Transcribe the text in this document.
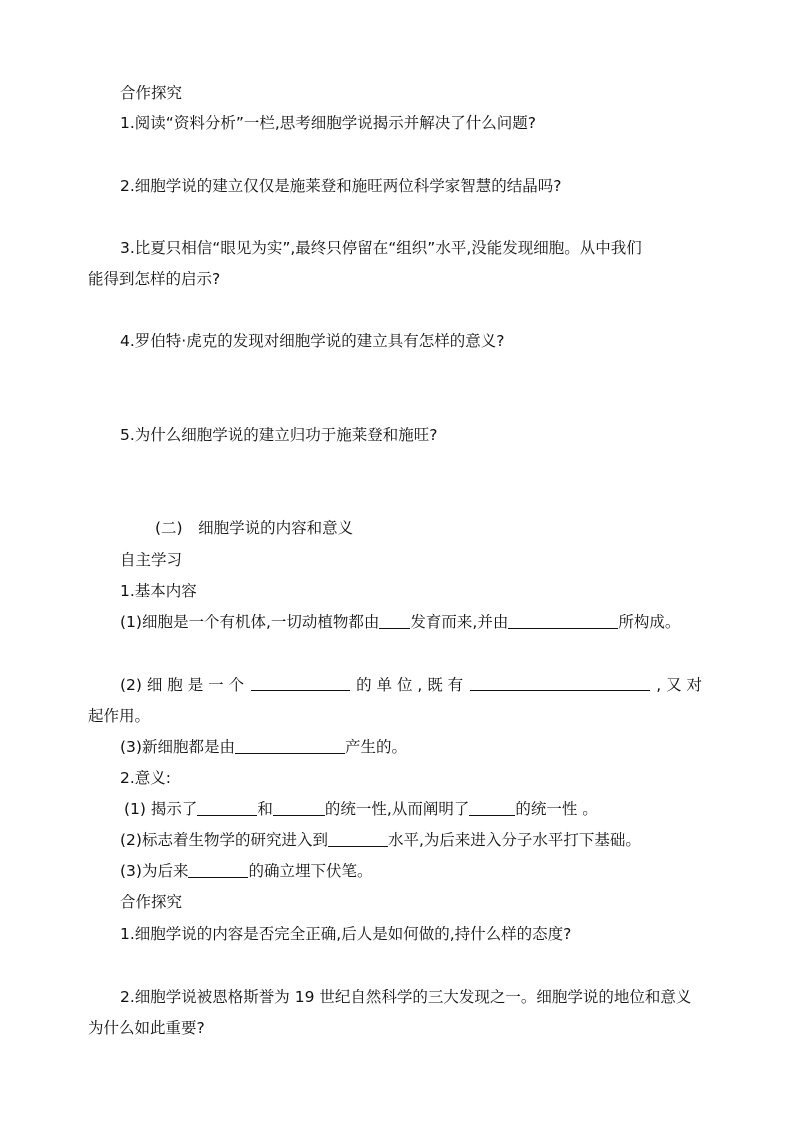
合作探究
1.阅读“资料分析”一栏,思考细胞学说揭示并解决了什么问题?
2.细胞学说的建立仅仅是施莱登和施旺两位科学家智慧的结晶吗?
3.比夏只相信“眼见为实”,最终只停留在“组织”水平,没能发现细胞。从中我们
能得到怎样的启示?
4.罗伯特·虎克的发现对细胞学说的建立具有怎样的意义?
5.为什么细胞学说的建立归功于施莱登和施旺?
(二)　细胞学说的内容和意义
自主学习
1.基本内容
(1)细胞是一个有机体,一切动植物都由 发育而来,并由	所构成。
(2) 细 胞 是 一 个	的 单 位 , 既 有	, 又 对
起作用。
(3)新细胞都是由	产生的。
2.意义:
(1) 揭示了	和	的统一性,从而阐明了	的统一性 。
(2)标志着生物学的研究进入到	水平,为后来进入分子水平打下基础。
(3)为后来	的确立埋下伏笔。
合作探究
1.细胞学说的内容是否完全正确,后人是如何做的,持什么样的态度?
2.细胞学说被恩格斯誉为 19 世纪自然科学的三大发现之一。细胞学说的地位和意义
为什么如此重要?
